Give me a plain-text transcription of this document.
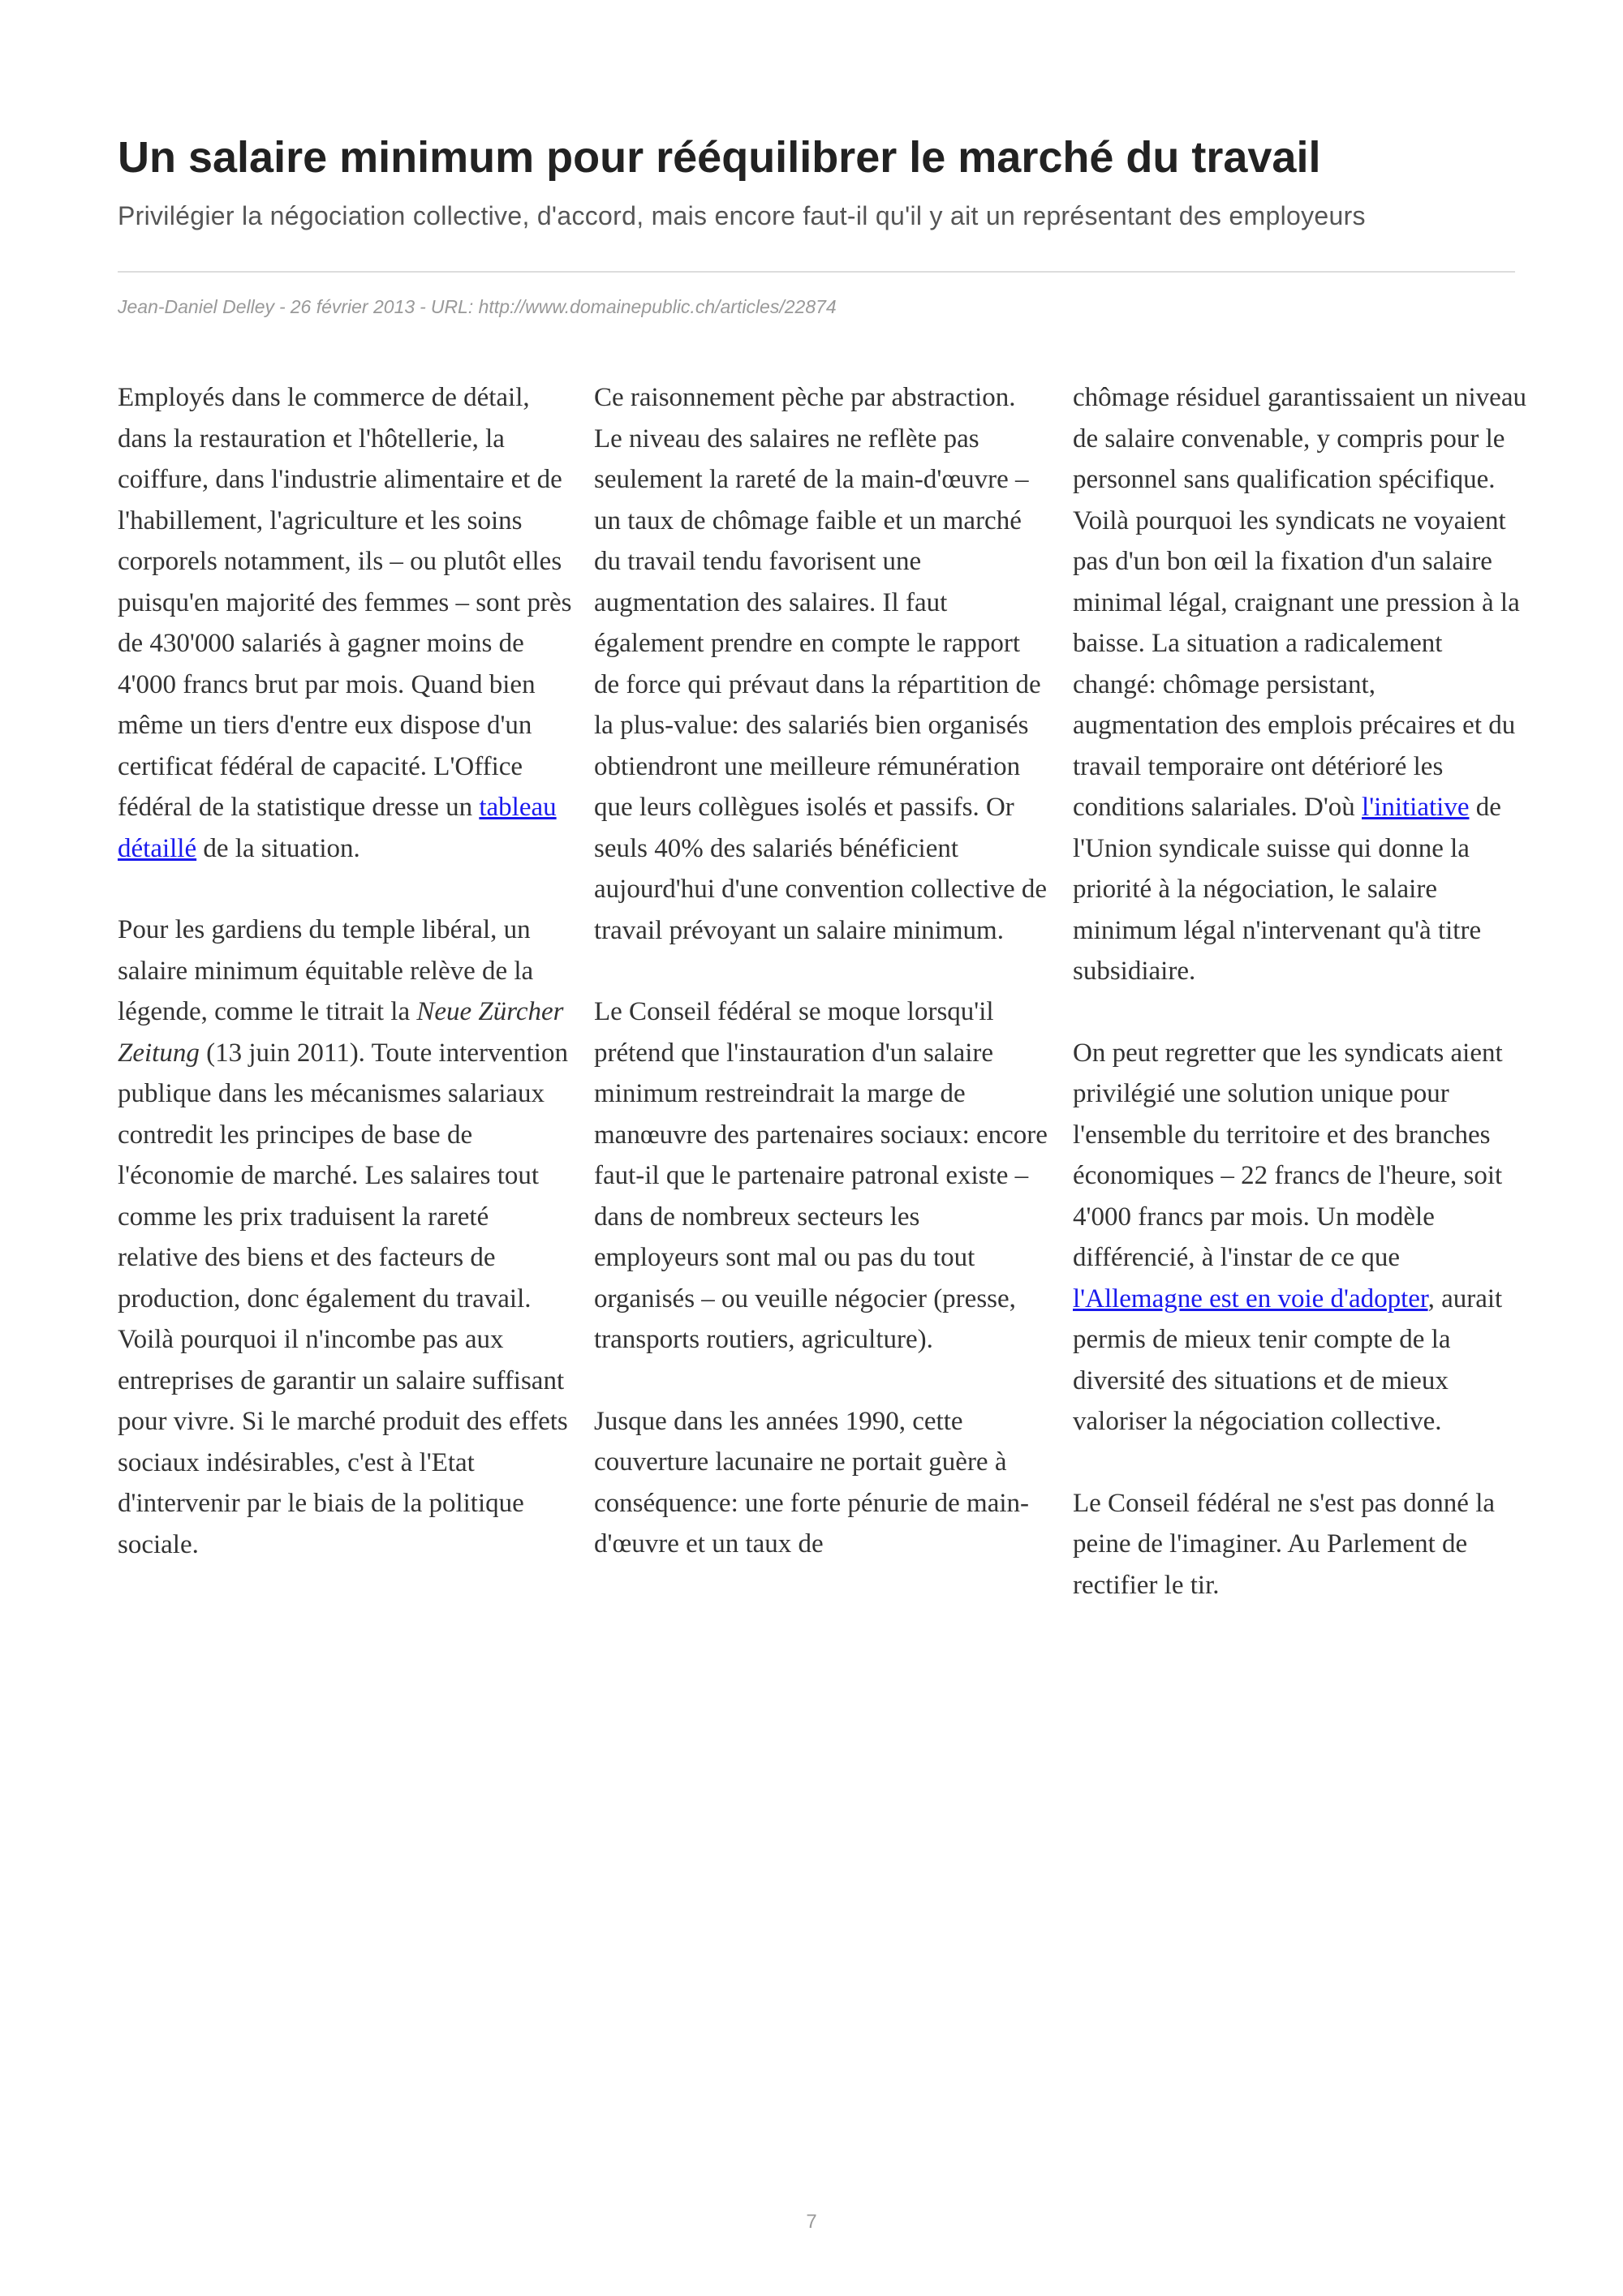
Un salaire minimum pour rééquilibrer le marché du travail
Privilégier la négociation collective, d'accord, mais encore faut-il qu'il y ait un représentant des employeurs
Jean-Daniel Delley - 26 février 2013 - URL: http://www.domainepublic.ch/articles/22874

Employés dans le commerce de détail, dans la restauration et l'hôtellerie, la coiffure, dans l'industrie alimentaire et de l'habillement, l'agriculture et les soins corporels notamment, ils – ou plutôt elles puisqu'en majorité des femmes – sont près de 430'000 salariés à gagner moins de 4'000 francs brut par mois. Quand bien même un tiers d'entre eux dispose d'un certificat fédéral de capacité. L'Office fédéral de la statistique dresse un tableau détaillé de la situation.

Pour les gardiens du temple libéral, un salaire minimum équitable relève de la légende, comme le titrait la Neue Zürcher Zeitung (13 juin 2011). Toute intervention publique dans les mécanismes salariaux contredit les principes de base de l'économie de marché. Les salaires tout comme les prix traduisent la rareté relative des biens et des facteurs de production, donc également du travail. Voilà pourquoi il n'incombe pas aux entreprises de garantir un salaire suffisant pour vivre. Si le marché produit des effets sociaux indésirables, c'est à l'Etat d'intervenir par le biais de la politique sociale.

Ce raisonnement pèche par abstraction. Le niveau des salaires ne reflète pas seulement la rareté de la main-d'œuvre – un taux de chômage faible et un marché du travail tendu favorisent une augmentation des salaires. Il faut également prendre en compte le rapport de force qui prévaut dans la répartition de la plus-value: des salariés bien organisés obtiendront une meilleure rémunération que leurs collègues isolés et passifs. Or seuls 40% des salariés bénéficient aujourd'hui d'une convention collective de travail prévoyant un salaire minimum.

Le Conseil fédéral se moque lorsqu'il prétend que l'instauration d'un salaire minimum restreindrait la marge de manœuvre des partenaires sociaux: encore faut-il que le partenaire patronal existe – dans de nombreux secteurs les employeurs sont mal ou pas du tout organisés – ou veuille négocier (presse, transports routiers, agriculture).

Jusque dans les années 1990, cette couverture lacunaire ne portait guère à conséquence: une forte pénurie de main-d'œuvre et un taux de

chômage résiduel garantissaient un niveau de salaire convenable, y compris pour le personnel sans qualification spécifique. Voilà pourquoi les syndicats ne voyaient pas d'un bon œil la fixation d'un salaire minimal légal, craignant une pression à la baisse. La situation a radicalement changé: chômage persistant, augmentation des emplois précaires et du travail temporaire ont détérioré les conditions salariales. D'où l'initiative de l'Union syndicale suisse qui donne la priorité à la négociation, le salaire minimum légal n'intervenant qu'à titre subsidiaire.

On peut regretter que les syndicats aient privilégié une solution unique pour l'ensemble du territoire et des branches économiques – 22 francs de l'heure, soit 4'000 francs par mois. Un modèle différencié, à l'instar de ce que l'Allemagne est en voie d'adopter, aurait permis de mieux tenir compte de la diversité des situations et de mieux valoriser la négociation collective.

Le Conseil fédéral ne s'est pas donné la peine de l'imaginer. Au Parlement de rectifier le tir.

7
